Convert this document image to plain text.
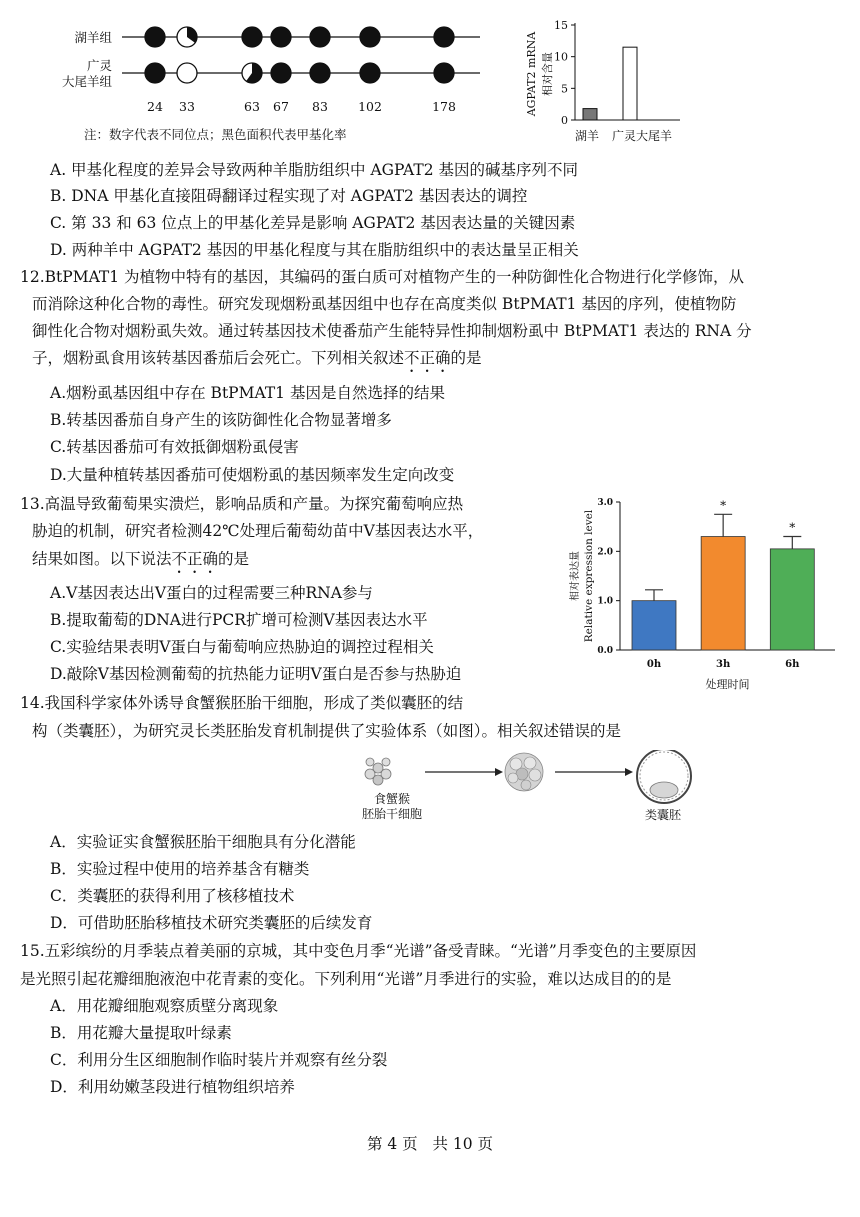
湖羊组
广灵
大尾羊组
24 33	63 67 83 102	178
注：数字代表不同位点；黑色面积代表甲基化率
0
5
10
15
湖羊 广灵大尾羊
AGPAT2 mRNA 相对含量
A. 甲基化程度的差异会导致两种羊脂肪组织中 AGPAT2 基因的碱基序列不同
B. DNA 甲基化直接阻碍翻译过程实现了对 AGPAT2 基因表达的调控
C. 第 33 和 63 位点上的甲基化差异是影响 AGPAT2 基因表达量的关键因素
D. 两种羊中 AGPAT2 基因的甲基化程度与其在脂肪组织中的表达量呈正相关
12.BtPMAT1 为植物中特有的基因，其编码的蛋白质可对植物产生的一种防御性化合物进行化学修饰，从
而消除这种化合物的毒性。研究发现烟粉虱基因组中也存在高度类似 BtPMAT1 基因的序列，使植物防
御性化合物对烟粉虱失效。通过转基因技术使番茄产生能特异性抑制烟粉虱中 BtPMAT1 表达的 RNA 分
子，烟粉虱食用该转基因番茄后会死亡。下列相关叙述不正确的是
A.烟粉虱基因组中存在 BtPMAT1 基因是自然选择的结果
B.转基因番茄自身产生的该防御性化合物显著增多
C.转基因番茄可有效抵御烟粉虱侵害
D.大量种植转基因番茄可使烟粉虱的基因频率发生定向改变
13.高温导致葡萄果实溃烂，影响品质和产量。为探究葡萄响应热
胁迫的机制，研究者检测42℃处理后葡萄幼苗中V基因表达水平，
结果如图。以下说法不正确的是
A.V基因表达出V蛋白的过程需要三种RNA参与
B.提取葡萄的DNA进行PCR扩增可检测V基因表达水平
C.实验结果表明V蛋白与葡萄响应热胁迫的调控过程相关
D.敲除V基因检测葡萄的抗热能力证明V蛋白是否参与热胁迫
0.0
1.0
2.0
3.0
0h
*
3h
*
6h
处理时间
相对表达量 Relative expression level
14.我国科学家体外诱导食蟹猴胚胎干细胞，形成了类似囊胚的结
构（类囊胚），为研究灵长类胚胎发育机制提供了实验体系（如图）。相关叙述错误的是
食蟹猴
胚胎干细胞	类囊胚
A．实验证实食蟹猴胚胎干细胞具有分化潜能
B．实验过程中使用的培养基含有糖类
C．类囊胚的获得利用了核移植技术
D．可借助胚胎移植技术研究类囊胚的后续发育
15.五彩缤纷的月季装点着美丽的京城，其中变色月季“光谱”备受青睐。“光谱”月季变色的主要原因
是光照引起花瓣细胞液泡中花青素的变化。下列利用“光谱”月季进行的实验，难以达成目的的是
A．用花瓣细胞观察质壁分离现象
B．用花瓣大量提取叶绿素
C．利用分生区细胞制作临时装片并观察有丝分裂
D．利用幼嫩茎段进行植物组织培养
第 4 页   共 10 页
